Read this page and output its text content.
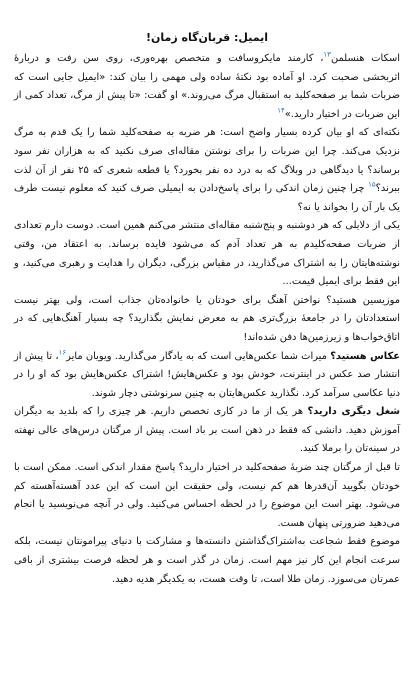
ایمیل: قربان‌گاه زمان!

اسکات هنسلمن$^{۱۳}$، کارمند مایکروسافت و متخصص بهره‌وری، روی سن رفت و درباره‌ٔ اثربخشی صحبت کرد. او آماده بود نکته‌ٔ ساده ولی مهمی را بیان کند: «ایمیل جایی است که ضربات شما بر صفحه‌کلید به استقبال مرگ می‌روند.» او گفت: «تا پیش از مرگ، تعداد کمی از این ضربات در اختیار دارید.»$^{۱۴}$

نکته‌ای که او بیان کرده بسیار واضح است: هر ضربه به صفحه‌کلید شما را یک قدم به مرگ نزدیک می‌کند. چرا این ضربات را برای نوشتن مقاله‌ای صرف نکنید که به هزاران نفر سود برساند؟ یا دیدگاهی در وبلاگ که به درد ده نفر بخورد؟ یا قطعه شعری که ۲۵ نفر از آن لذت ببرند؟$^{۱۵}$ چرا چنین زمان اندکی را برای پاسخ‌دادن به ایمیلی صرف کنید که معلوم نیست طرف یک بار آن را بخواند یا نه؟

یکی از دلایلی که هر دوشنبه و پنج‌شنبه مقاله‌ای منتشر می‌کنم همین است. دوست دارم تعدادی از ضربات صفحه‌کلیدم به هر تعداد آدم که می‌شود فایده برساند. به اعتقاد من، وقتی نوشته‌هایتان را به اشتراک می‌گذارید، در مقیاس بزرگی، دیگران را هدایت و رهبری می‌کنید، و این فقط برای ایمیل قیمت...

موزیسین هستید؟ نواختن آهنگ برای خودتان یا خانواده‌تان جذاب است، ولی بهتر نیست استعدادتان را در جامعهٔ بزرگ‌تری هم به معرض نمایش بگذارید؟ چه بسیار آهنگ‌هایی که در اتاق‌خواب‌ها و زیرزمین‌ها دفن شده‌اند!

عکاس هستید؟ میراث شما عکس‌هایی است که به یادگار می‌گذارید. ویویان مایر$^{۱۶}$، تا پیش از انتشار صد عکس در اینترنت، خودش بود و عکس‌هایش! اشتراک عکس‌هایش بود که او را در دنیا عکاسی سرآمد کرد. نگذارید عکس‌هایتان به چنین سرنوشتی دچار شوند.

شغل دیگری دارید؟ هر یک از ما در کاری تخصص داریم. هر چیزی را که بلدید به دیگران آموزش دهید. دانشی که فقط در ذهن است بر باد است. پیش از مرگتان درس‌های عالی نهفته در سینه‌تان را برملا کنید.

تا قبل از مرگتان چند ضربهٔ صفحه‌کلید در اختیار دارید؟ پاسخ مقدار اندکی است. ممکن است با خودتان بگویید آن‌قدرها هم کم نیست، ولی حقیقت این است که این عدد آهسته‌آهسته کم می‌شود. بهتر است این موضوع را در لحظه احساس می‌کنید. ولی در آنچه می‌نویسید یا انجام می‌دهید ضرورتی پنهان هست.

موضوع فقط شجاعت به‌اشتراک‌گذاشتن دانسته‌ها و مشارکت با دنیای پیرامونتان نیست، بلکه سرعت انجام این کار نیز مهم است. زمان در گذر است و هر لحظه فرصت بیشتری از باقی عمرتان می‌سوزد. زمان طلا است، تا وقت هست، به یکدیگر هدیه دهید.
